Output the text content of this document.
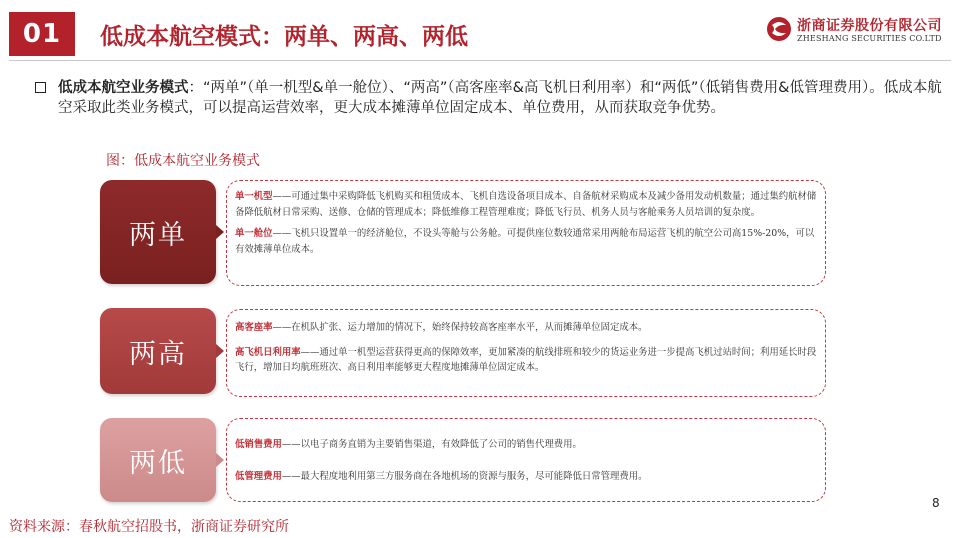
01	低成本航空模式：两单、两高、两低	浙商证券股份有限公司
ZHESHANG SECURITIES CO.LTD
低成本航空业务模式：“两单”（单一机型&单一舱位）、“两高”（高客座率&高飞机日利用率）和“两低”（低销售费用&低管理费用）。低成本航空采取此类业务模式，可以提高运营效率，更大成本摊薄单位固定成本、单位费用，从而获取竞争优势。
图：低成本航空业务模式
两单

单一机型——可通过集中采购降低飞机购买和租赁成本、飞机自选设备项目成本、自备航材采购成本及减少备用发动机数量；通过集约航材储备降低航材日常采购、送修、仓储的管理成本；降低维修工程管理难度；降低飞行员、机务人员与客舱乘务人员培训的复杂度。

单一舱位——飞机只设置单一的经济舱位，不设头等舱与公务舱。可提供座位数较通常采用两舱布局运营飞机的航空公司高15%-20%，可以有效摊薄单位成本。

两高

高客座率——在机队扩张、运力增加的情况下，始终保持较高客座率水平，从而摊薄单位固定成本。

高飞机日利用率——通过单一机型运营获得更高的保障效率，更加紧凑的航线排班和较少的货运业务进一步提高飞机过站时间；利用延长时段飞行，增加日均航班班次、高日利用率能够更大程度地摊薄单位固定成本。

两低

低销售费用——以电子商务直销为主要销售渠道，有效降低了公司的销售代理费用。

低管理费用——最大程度地利用第三方服务商在各地机场的资源与服务，尽可能降低日常管理费用。

8
资料来源：春秋航空招股书，浙商证券研究所
